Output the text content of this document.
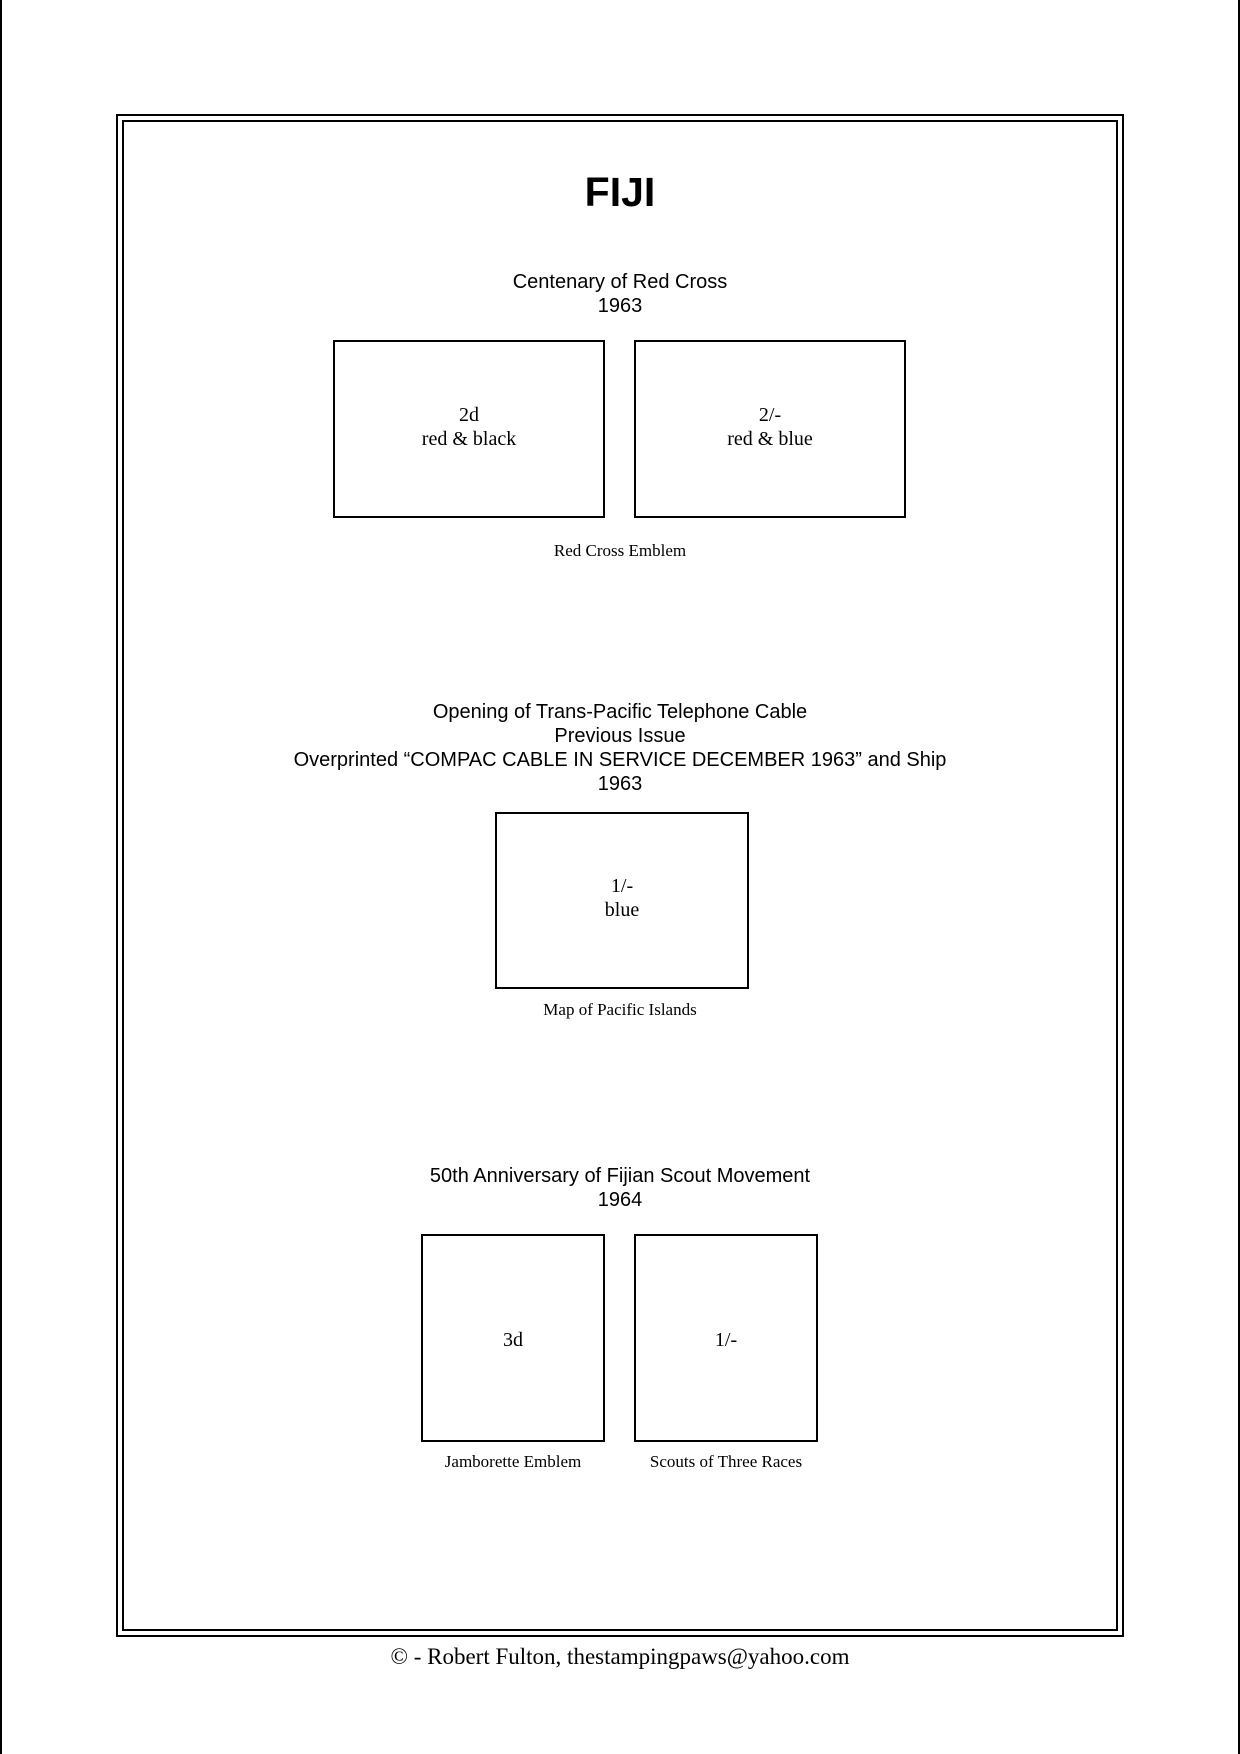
FIJI
Centenary of Red Cross
1963
2d
red & black
2/-
red & blue
Red Cross Emblem
Opening of Trans-Pacific Telephone Cable
Previous Issue
Overprinted “COMPAC CABLE IN SERVICE DECEMBER 1963” and Ship
1963
1/-
blue
Map of Pacific Islands
50th Anniversary of Fijian Scout Movement
1964
3d	1/-
Jamborette Emblem	Scouts of Three Races
© - Robert Fulton, thestampingpaws@yahoo.com
